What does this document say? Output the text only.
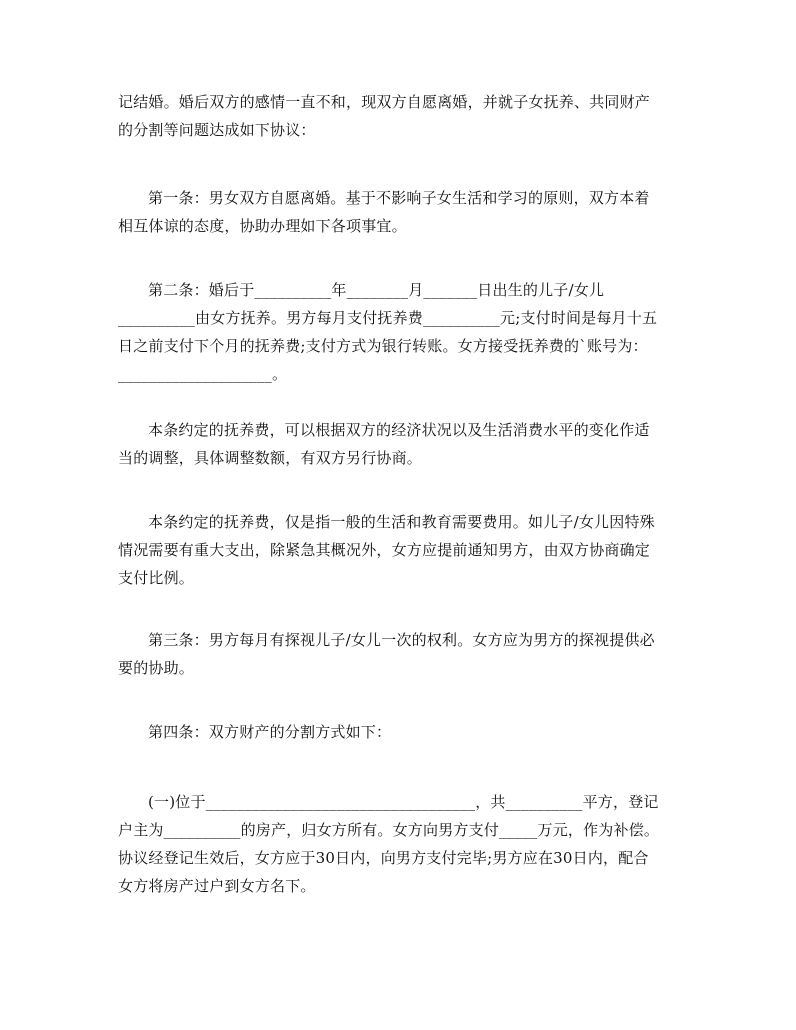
记结婚。婚后双方的感情一直不和，现双方自愿离婚，并就子女抚养、共同财产
的分割等问题达成如下协议：

第一条：男女双方自愿离婚。基于不影响子女生活和学习的原则，双方本着
相互体谅的态度，协助办理如下各项事宜。

第二条：婚后于__________年________月_______日出生的儿子/女儿
__________由女方抚养。男方每月支付抚养费__________元;支付时间是每月十五
日之前支付下个月的抚养费;支付方式为银行转账。女方接受抚养费的`账号为：
____________________。

本条约定的抚养费，可以根据双方的经济状况以及生活消费水平的变化作适
当的调整，具体调整数额，有双方另行协商。

本条约定的抚养费，仅是指一般的生活和教育需要费用。如儿子/女儿因特殊
情况需要有重大支出，除紧急其概况外，女方应提前通知男方，由双方协商确定
支付比例。

第三条：男方每月有探视儿子/女儿一次的权利。女方应为男方的探视提供必
要的协助。

第四条：双方财产的分割方式如下：

(一)位于___________________________________，共__________平方，登记
户主为__________的房产，归女方所有。女方向男方支付_____万元，作为补偿。
协议经登记生效后，女方应于30日内，向男方支付完毕;男方应在30日内，配合
女方将房产过户到女方名下。
